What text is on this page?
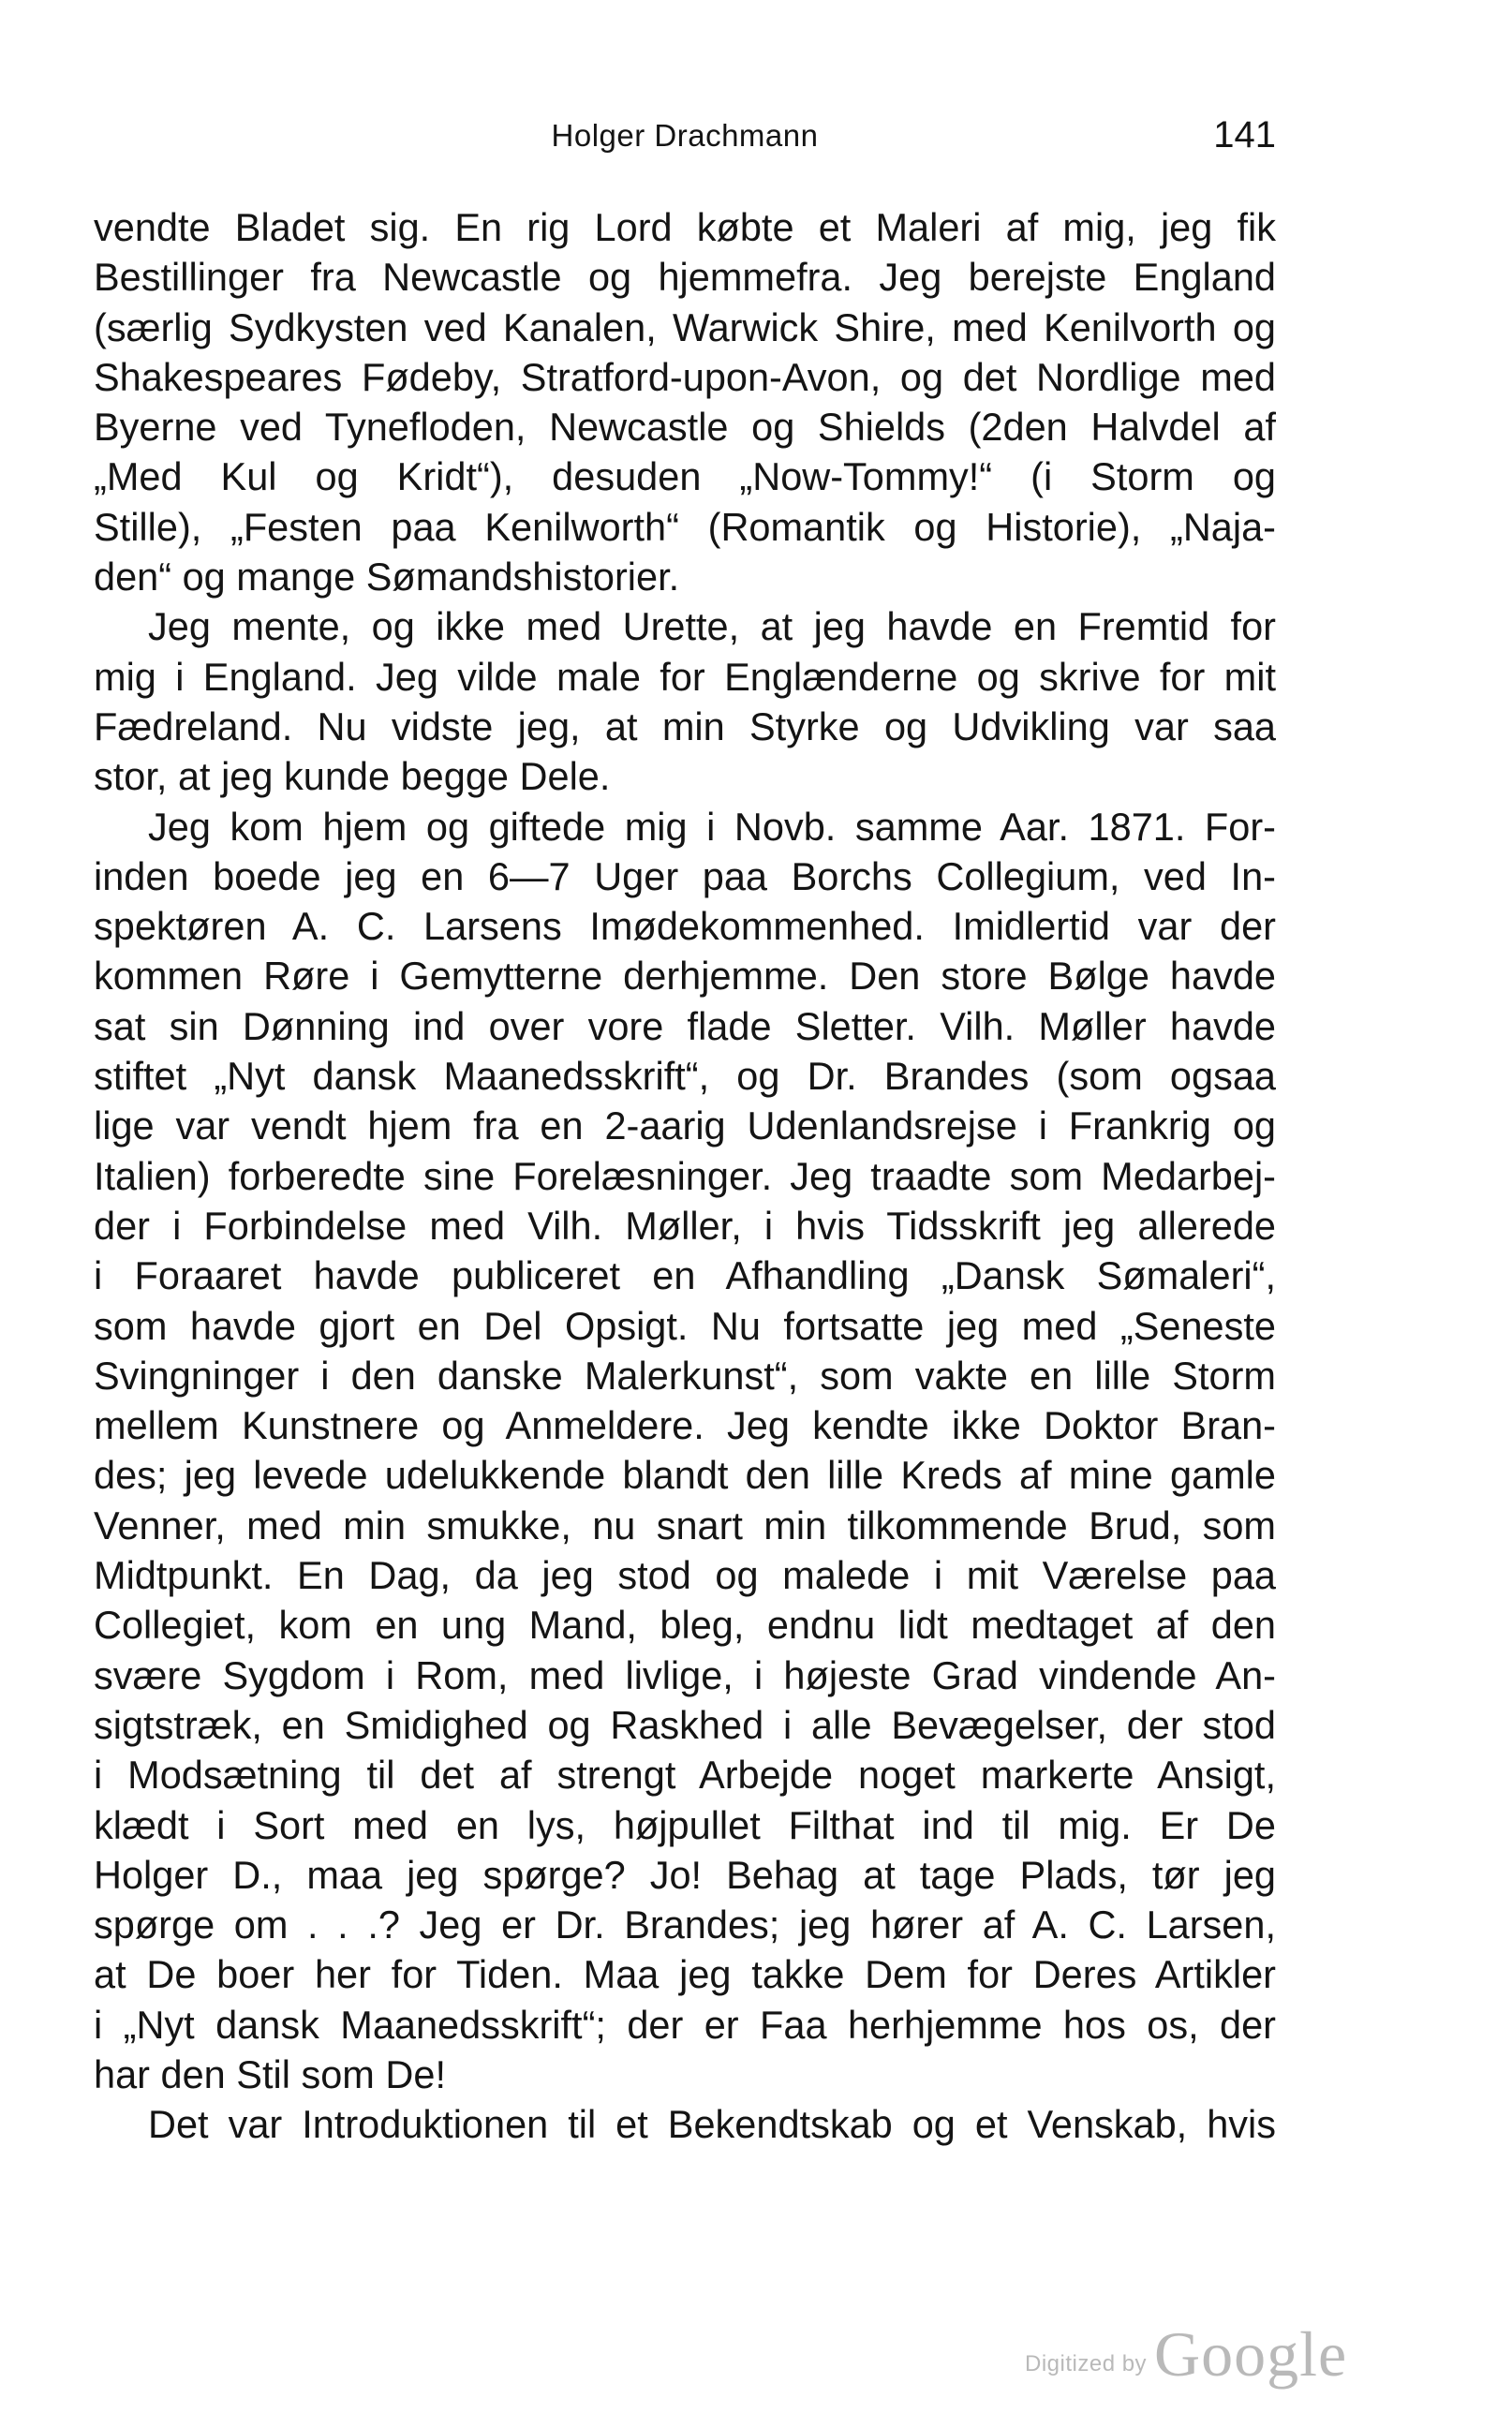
Holger Drachmann	141

vendte Bladet sig. En rig Lord købte et Maleri af mig, jeg fik
Bestillinger fra Newcastle og hjemmefra. Jeg berejste England
(særlig Sydkysten ved Kanalen, Warwick Shire, med Kenilvorth og
Shakespeares Fødeby, Stratford-upon-Avon, og det Nordlige med
Byerne ved Tynefloden, Newcastle og Shields (2den Halvdel af
„Med Kul og Kridt“), desuden „Now-Tommy!“ (i Storm og
Stille), „Festen paa Kenilworth“ (Romantik og Historie), „Naja-
den“ og mange Sømandshistorier.

Jeg mente, og ikke med Urette, at jeg havde en Fremtid for
mig i England. Jeg vilde male for Englænderne og skrive for mit
Fædreland. Nu vidste jeg, at min Styrke og Udvikling var saa
stor, at jeg kunde begge Dele.

Jeg kom hjem og giftede mig i Novb. samme Aar. 1871. For-
inden boede jeg en 6—7 Uger paa Borchs Collegium, ved In-
spektøren A. C. Larsens Imødekommenhed. Imidlertid var der
kommen Røre i Gemytterne derhjemme. Den store Bølge havde
sat sin Dønning ind over vore flade Sletter. Vilh. Møller havde
stiftet „Nyt dansk Maanedsskrift“, og Dr. Brandes (som ogsaa
lige var vendt hjem fra en 2-aarig Udenlandsrejse i Frankrig og
Italien) forberedte sine Forelæsninger. Jeg traadte som Medarbej-
der i Forbindelse med Vilh. Møller, i hvis Tidsskrift jeg allerede
i Foraaret havde publiceret en Afhandling „Dansk Sømaleri“,
som havde gjort en Del Opsigt. Nu fortsatte jeg med „Seneste
Svingninger i den danske Malerkunst“, som vakte en lille Storm
mellem Kunstnere og Anmeldere. Jeg kendte ikke Doktor Bran-
des; jeg levede udelukkende blandt den lille Kreds af mine gamle
Venner, med min smukke, nu snart min tilkommende Brud, som
Midtpunkt. En Dag, da jeg stod og malede i mit Værelse paa
Collegiet, kom en ung Mand, bleg, endnu lidt medtaget af den
svære Sygdom i Rom, med livlige, i højeste Grad vindende An-
sigtstræk, en Smidighed og Raskhed i alle Bevægelser, der stod
i Modsætning til det af strengt Arbejde noget markerte Ansigt,
klædt i Sort med en lys, højpullet Filthat ind til mig. Er De
Holger D., maa jeg spørge? Jo! Behag at tage Plads, tør jeg
spørge om . . .? Jeg er Dr. Brandes; jeg hører af A. C. Larsen,
at De boer her for Tiden. Maa jeg takke Dem for Deres Artikler
i „Nyt dansk Maanedsskrift“; der er Faa herhjemme hos os, der
har den Stil som De!

Det var Introduktionen til et Bekendtskab og et Venskab, hvis

Digitized by Google
